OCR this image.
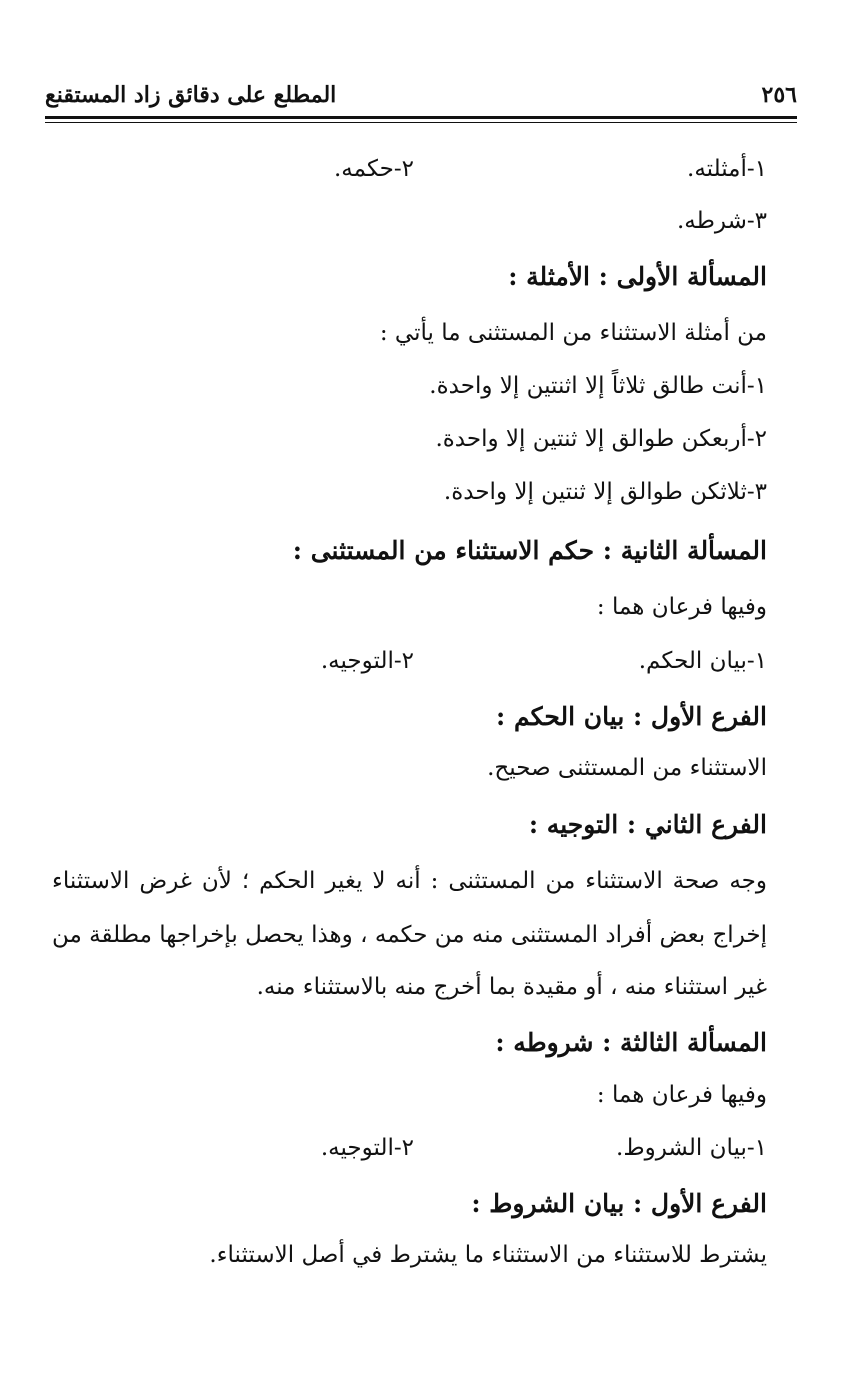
٢٥٦
المطلع على دقائق زاد المستقنع
١-أمثلته.
٢-حكمه.
٣-شرطه.
المسألة الأولى : الأمثلة :
من أمثلة الاستثناء من المستثنى ما يأتي :
١-أنت طالق ثلاثاً إلا اثنتين إلا واحدة.
٢-أربعكن طوالق إلا ثنتين إلا واحدة.
٣-ثلاثكن طوالق إلا ثنتين إلا واحدة.
المسألة الثانية : حكم الاستثناء من المستثنى :
وفيها فرعان هما :
١-بيان الحكم.
٢-التوجيه.
الفرع الأول : بيان الحكم :
الاستثناء من المستثنى صحيح.
الفرع الثاني : التوجيه :
وجه صحة الاستثناء من المستثنى : أنه لا يغير الحكم ؛ لأن غرض الاستثناء
إخراج بعض أفراد المستثنى منه من حكمه ، وهذا يحصل بإخراجها مطلقة من
غير استثناء منه ، أو مقيدة بما أخرج منه بالاستثناء منه.
المسألة الثالثة : شروطه :
وفيها فرعان هما :
١-بيان الشروط.
٢-التوجيه.
الفرع الأول : بيان الشروط :
يشترط للاستثناء من الاستثناء ما يشترط في أصل الاستثناء.
